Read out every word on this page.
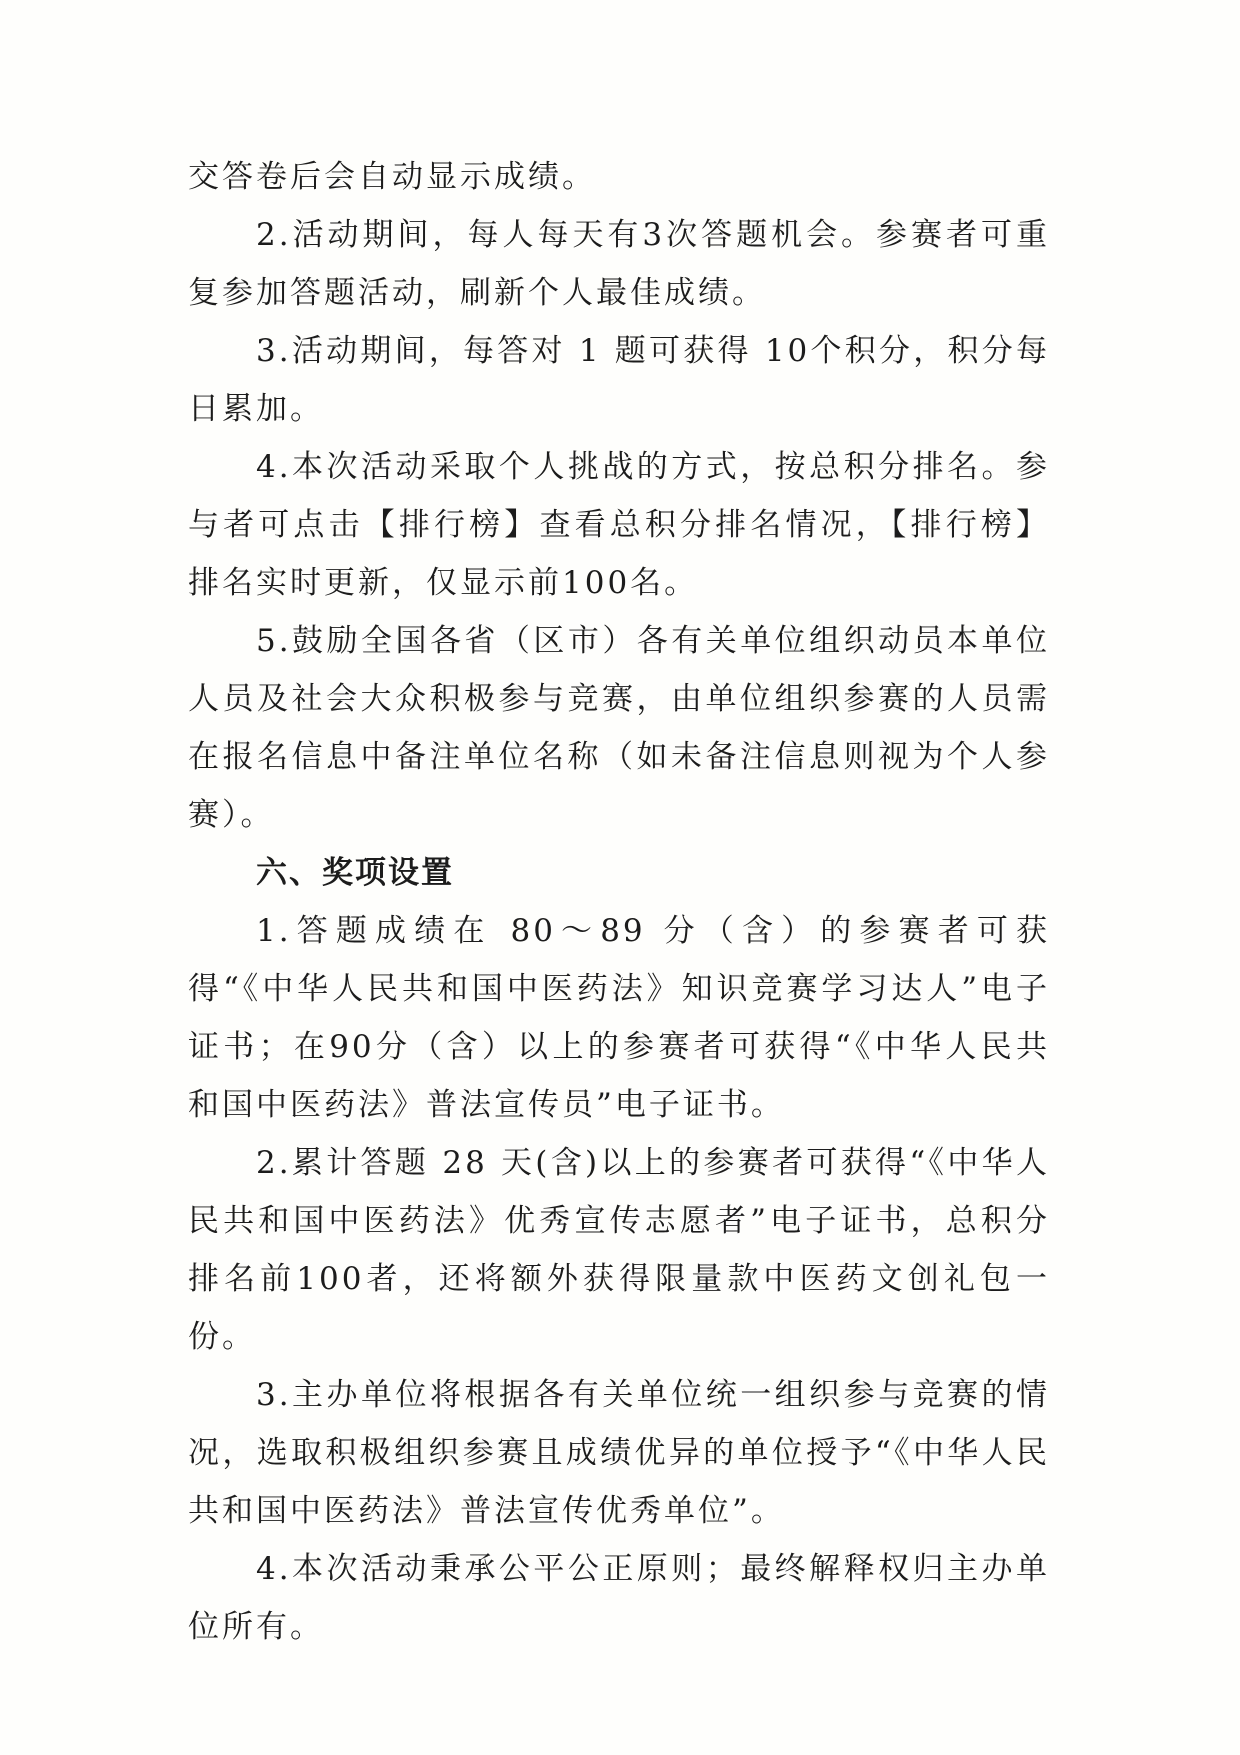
交答卷后会自动显示成绩。

2.活动期间，每人每天有3次答题机会。参赛者可重复参加答题活动，刷新个人最佳成绩。

3.活动期间，每答对 1 题可获得 10个积分，积分每日累加。

4.本次活动采取个人挑战的方式，按总积分排名。参与者可点击【排行榜】查看总积分排名情况，【排行榜】排名实时更新，仅显示前100名。

5.鼓励全国各省（区市）各有关单位组织动员本单位人员及社会大众积极参与竞赛，由单位组织参赛的人员需在报名信息中备注单位名称（如未备注信息则视为个人参赛）。

六、奖项设置

1.答题成绩在 80～89 分（含）的参赛者可获得“《中华人民共和国中医药法》知识竞赛学习达人”电子证书；在90分（含）以上的参赛者可获得“《中华人民共和国中医药法》普法宣传员”电子证书。

2.累计答题 28 天(含)以上的参赛者可获得“《中华人民共和国中医药法》优秀宣传志愿者”电子证书，总积分排名前100者，还将额外获得限量款中医药文创礼包一份。

3.主办单位将根据各有关单位统一组织参与竞赛的情况，选取积极组织参赛且成绩优异的单位授予“《中华人民共和国中医药法》普法宣传优秀单位”。

4.本次活动秉承公平公正原则；最终解释权归主办单位所有。
